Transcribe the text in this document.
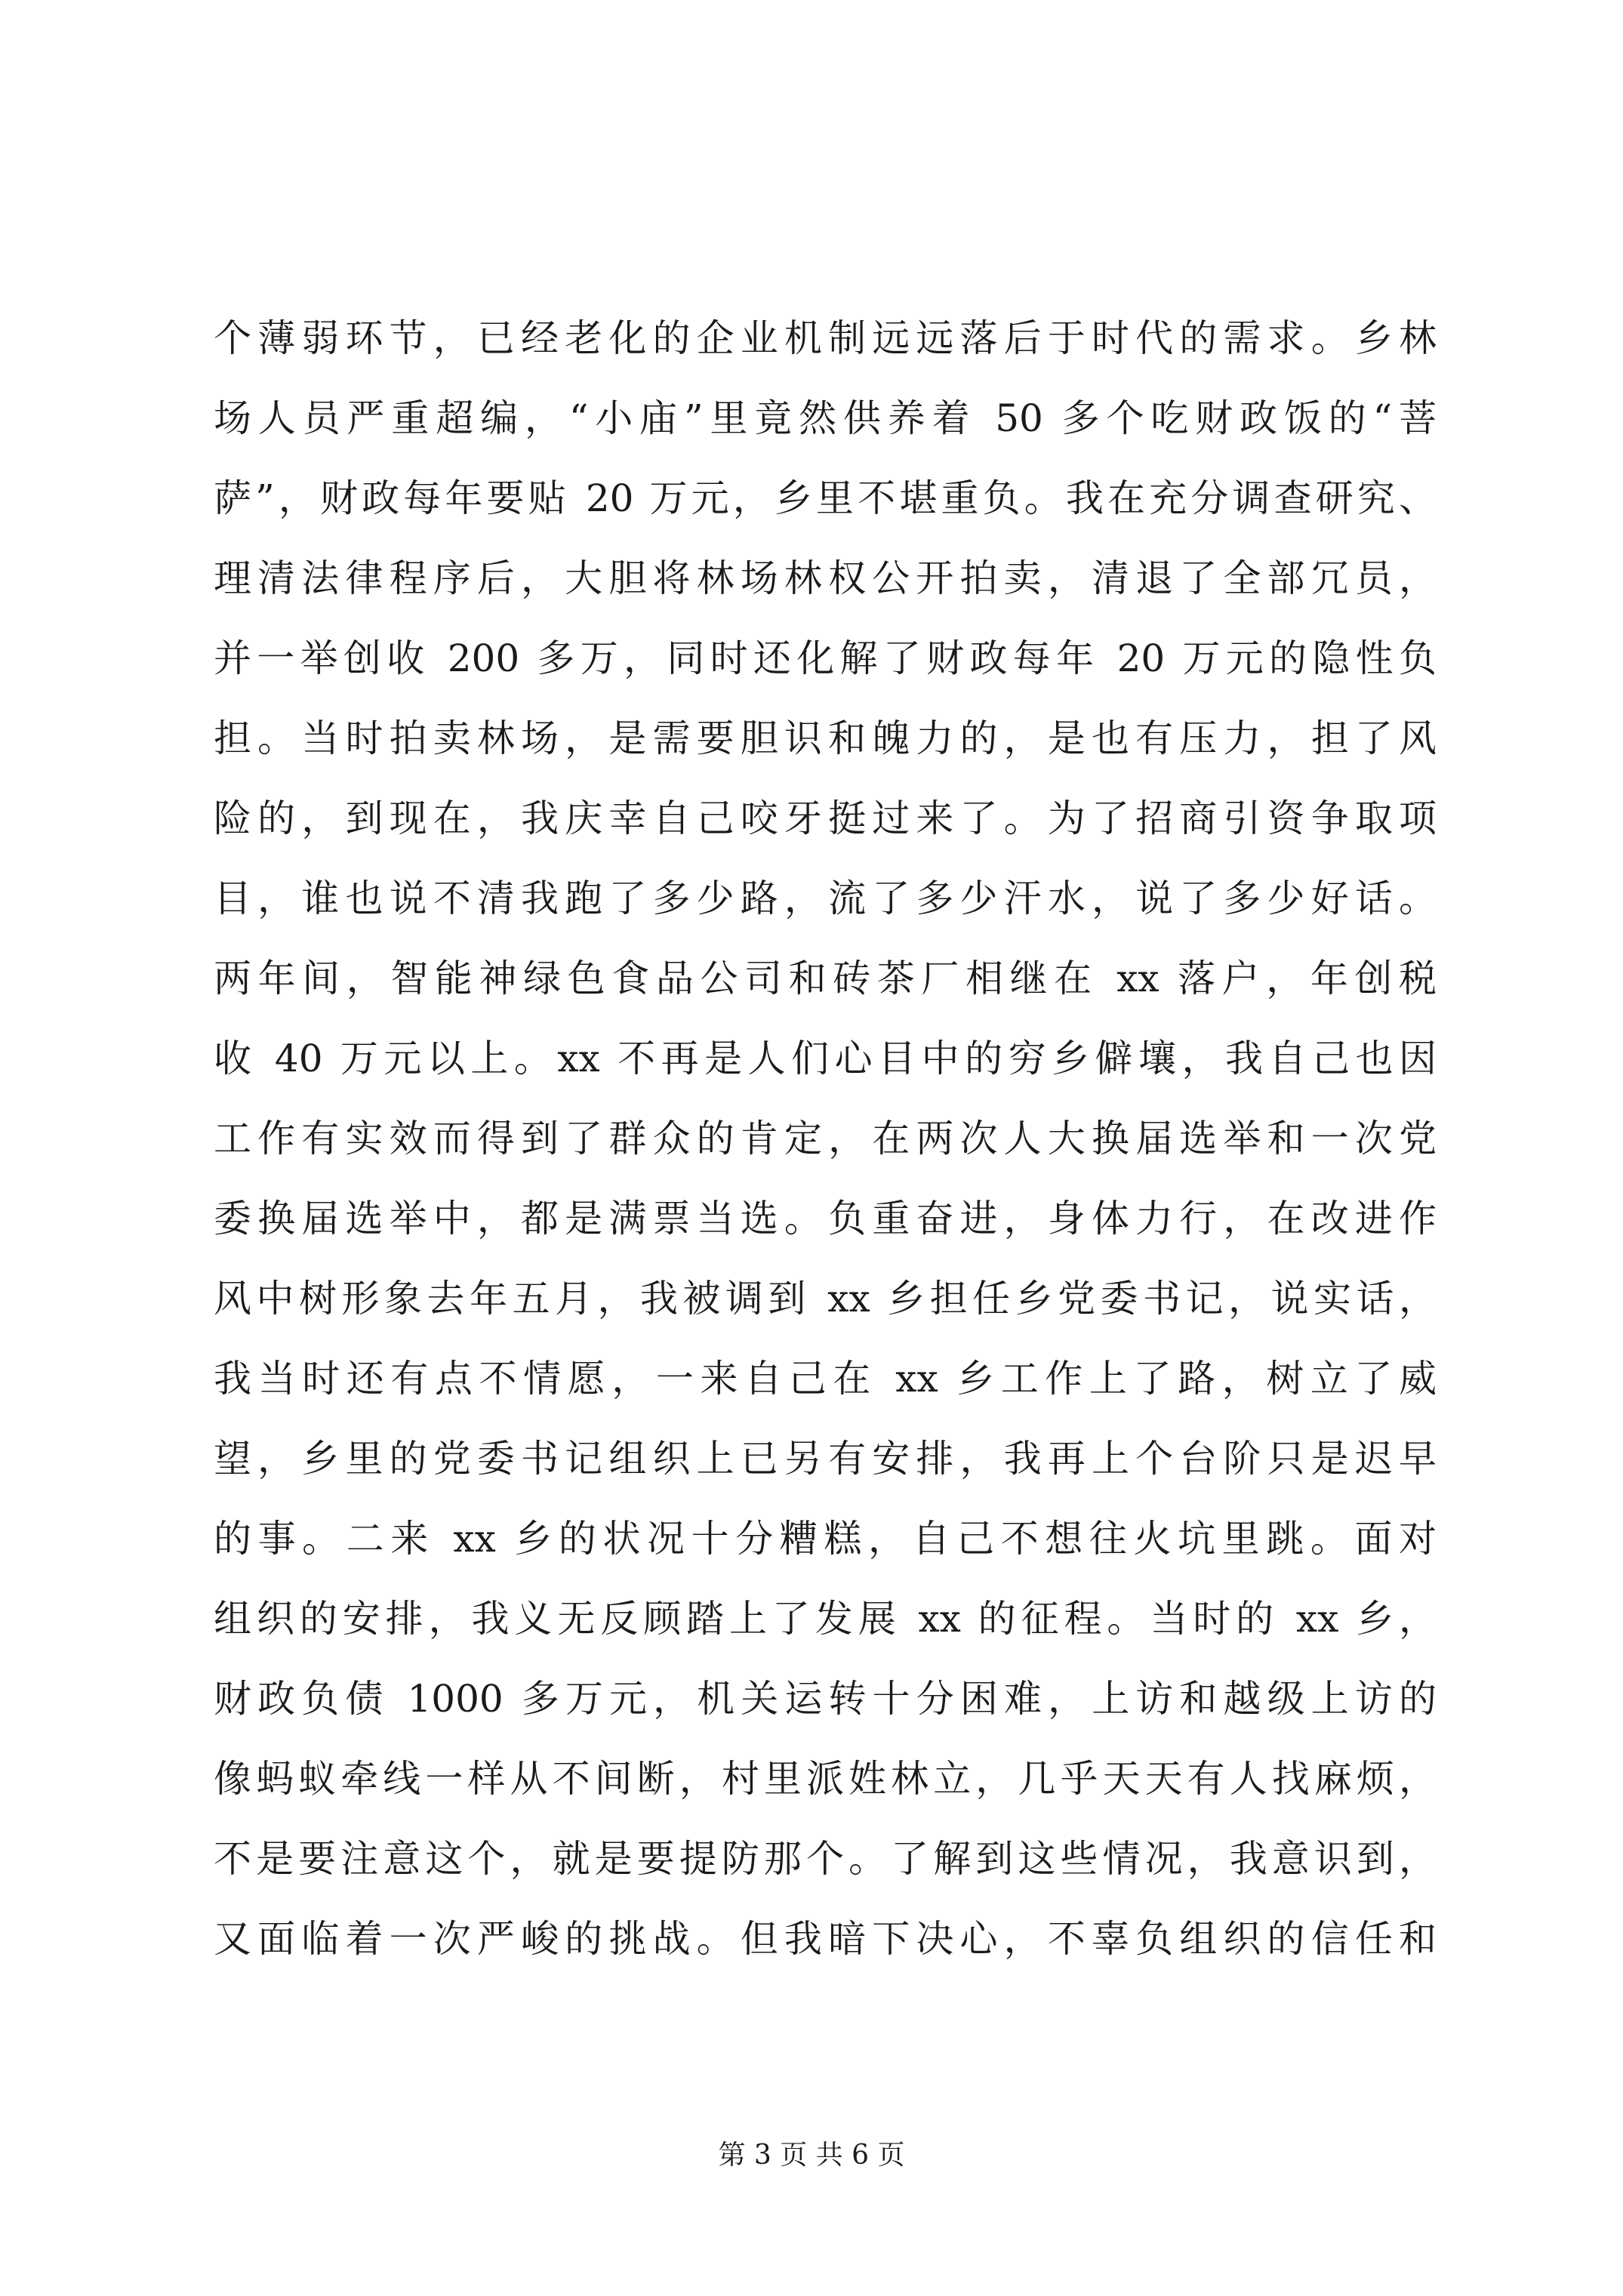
个薄弱环节，已经老化的企业机制远远落后于时代的需求。乡林
场人员严重超编，“小庙”里竟然供养着 50 多个吃财政饭的“菩
萨”，财政每年要贴 20 万元，乡里不堪重负。我在充分调查研究、
理清法律程序后，大胆将林场林权公开拍卖，清退了全部冗员，
并一举创收 200 多万，同时还化解了财政每年 20 万元的隐性负
担。当时拍卖林场，是需要胆识和魄力的，是也有压力，担了风
险的，到现在，我庆幸自己咬牙挺过来了。为了招商引资争取项
目，谁也说不清我跑了多少路，流了多少汗水，说了多少好话。
两年间，智能神绿色食品公司和砖茶厂相继在 xx 落户，年创税
收 40 万元以上。xx 不再是人们心目中的穷乡僻壤，我自己也因
工作有实效而得到了群众的肯定，在两次人大换届选举和一次党
委换届选举中，都是满票当选。负重奋进，身体力行，在改进作
风中树形象去年五月，我被调到 xx 乡担任乡党委书记，说实话，
我当时还有点不情愿，一来自己在 xx 乡工作上了路，树立了威
望，乡里的党委书记组织上已另有安排，我再上个台阶只是迟早
的事。二来 xx 乡的状况十分糟糕，自己不想往火坑里跳。面对
组织的安排，我义无反顾踏上了发展 xx 的征程。当时的 xx 乡，
财政负债 1000 多万元，机关运转十分困难，上访和越级上访的
像蚂蚁牵线一样从不间断，村里派姓林立，几乎天天有人找麻烦，
不是要注意这个，就是要提防那个。了解到这些情况，我意识到，
又面临着一次严峻的挑战。但我暗下决心，不辜负组织的信任和
第 3 页 共 6 页
